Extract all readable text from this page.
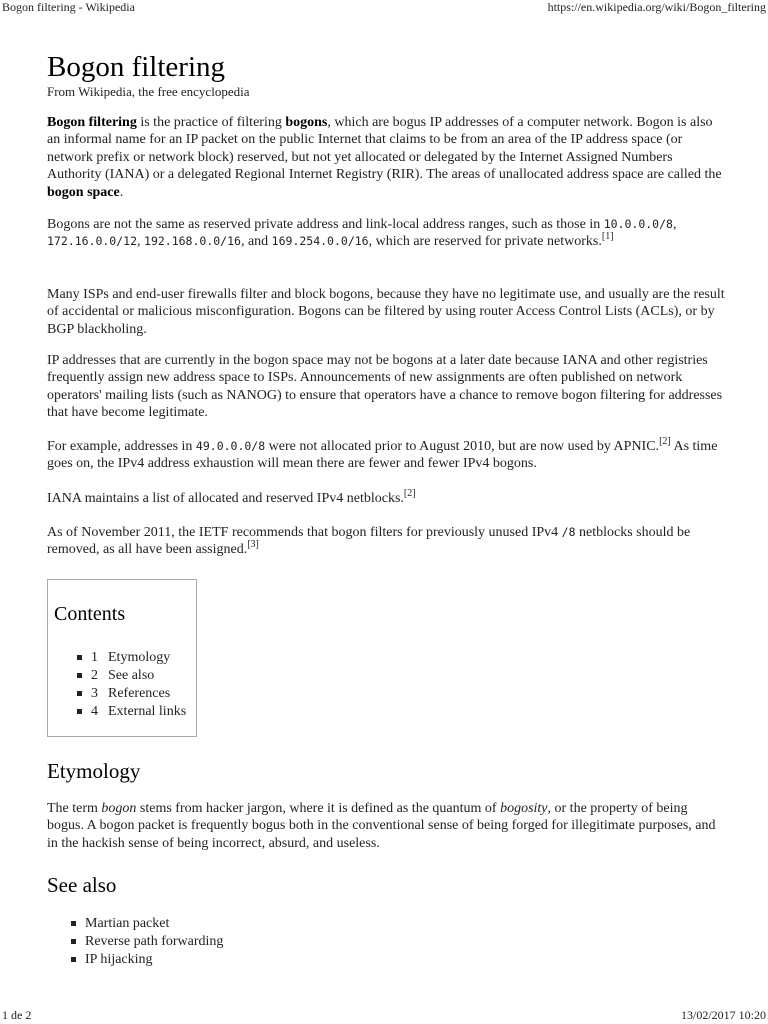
Bogon filtering - Wikipedia	https://en.wikipedia.org/wiki/Bogon_filtering
Bogon filtering

From Wikipedia, the free encyclopedia

Bogon filtering is the practice of filtering bogons, which are bogus IP addresses of a computer network. Bogon is also an informal name for an IP packet on the public Internet that claims to be from an area of the IP address space (or network prefix or network block) reserved, but not yet allocated or delegated by the Internet Assigned Numbers Authority (IANA) or a delegated Regional Internet Registry (RIR). The areas of unallocated address space are called the bogon space.

Bogons are not the same as reserved private address and link-local address ranges, such as those in 10.0.0.0/8, 172.16.0.0/12, 192.168.0.0/16, and 169.254.0.0/16, which are reserved for private networks.[1]

Many ISPs and end-user firewalls filter and block bogons, because they have no legitimate use, and usually are the result of accidental or malicious misconfiguration. Bogons can be filtered by using router Access Control Lists (ACLs), or by BGP blackholing.

IP addresses that are currently in the bogon space may not be bogons at a later date because IANA and other registries frequently assign new address space to ISPs. Announcements of new assignments are often published on network operators' mailing lists (such as NANOG) to ensure that operators have a chance to remove bogon filtering for addresses that have become legitimate.

For example, addresses in 49.0.0.0/8 were not allocated prior to August 2010, but are now used by APNIC.[2] As time goes on, the IPv4 address exhaustion will mean there are fewer and fewer IPv4 bogons.

IANA maintains a list of allocated and reserved IPv4 netblocks.[2]

As of November 2011, the IETF recommends that bogon filters for previously unused IPv4 /8 netblocks should be removed, as all have been assigned.[3]

Contents
1 Etymology
2 See also
3 References
4 External links
Etymology

The term bogon stems from hacker jargon, where it is defined as the quantum of bogosity, or the property of being bogus. A bogon packet is frequently bogus both in the conventional sense of being forged for illegitimate purposes, and in the hackish sense of being incorrect, absurd, and useless.

See also
Martian packet
Reverse path forwarding
IP hijacking
1 de 2	13/02/2017 10:20
